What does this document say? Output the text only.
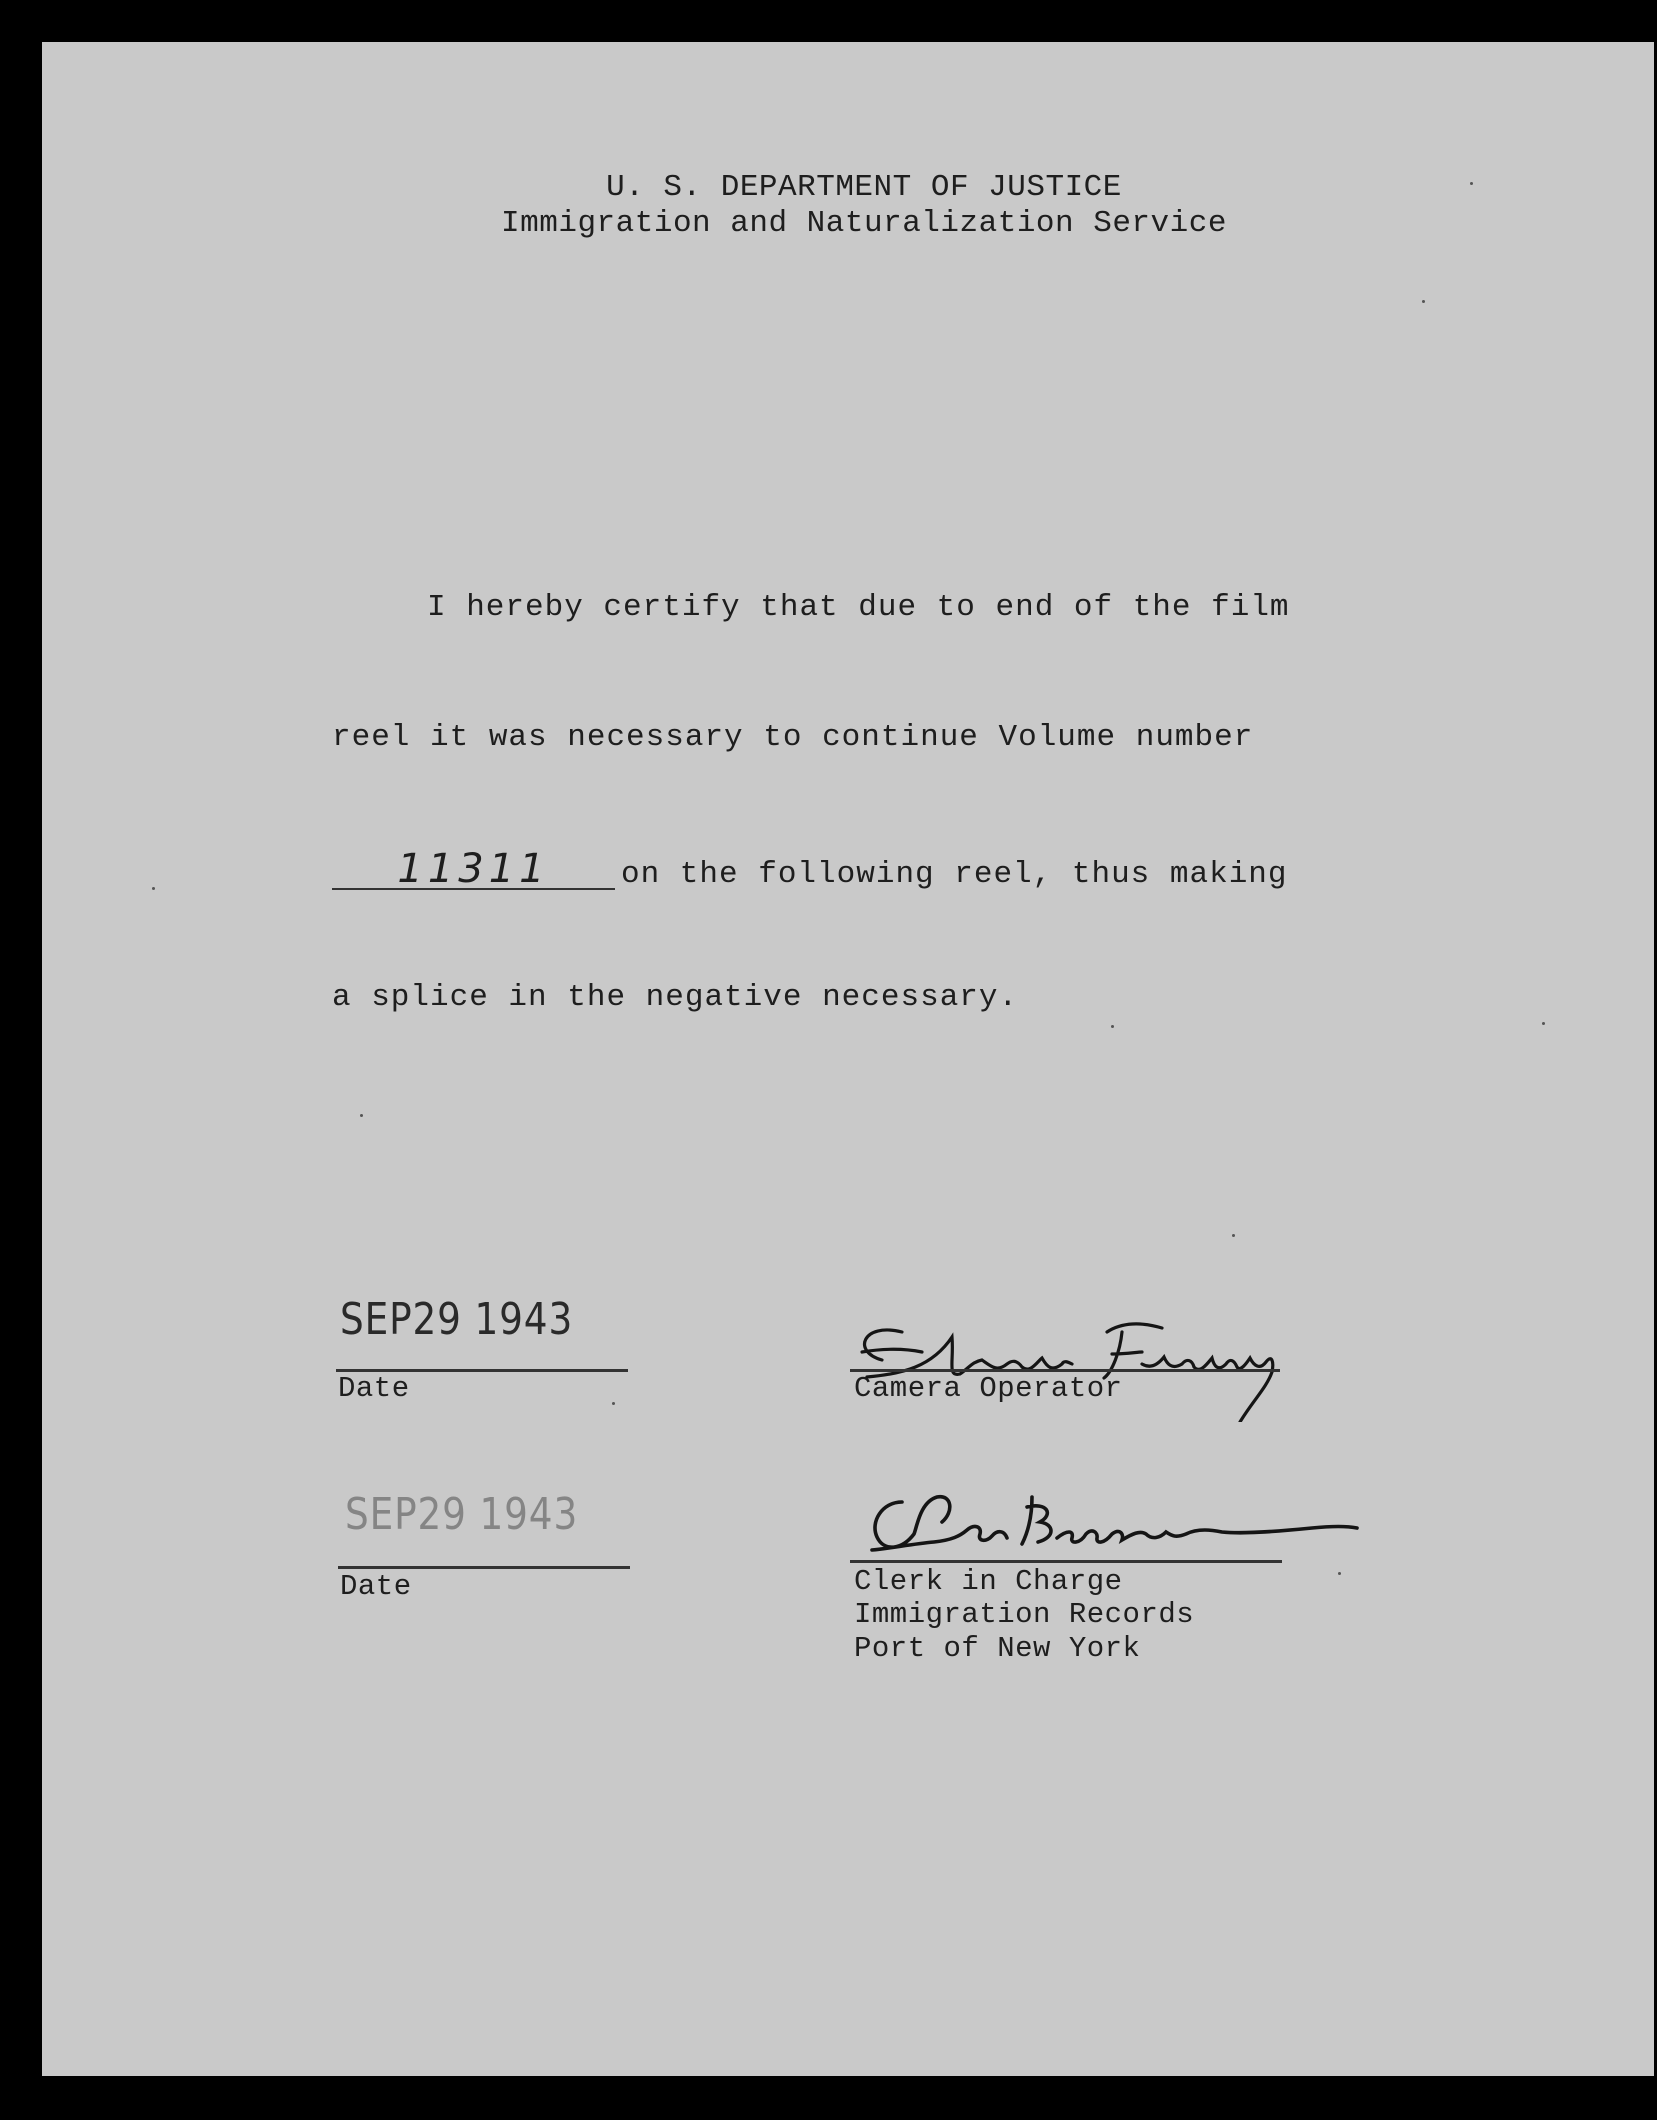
U. S. DEPARTMENT OF JUSTICE
Immigration and Naturalization Service
I hereby certify that due to end of the film
reel it was necessary to continue Volume number
11311 on the following reel, thus making
a splice in the negative necessary.
SEP29 1943
Date	Camera Operator
SEP29 1943
Date	Clerk in Charge
Immigration Records
Port of New York
